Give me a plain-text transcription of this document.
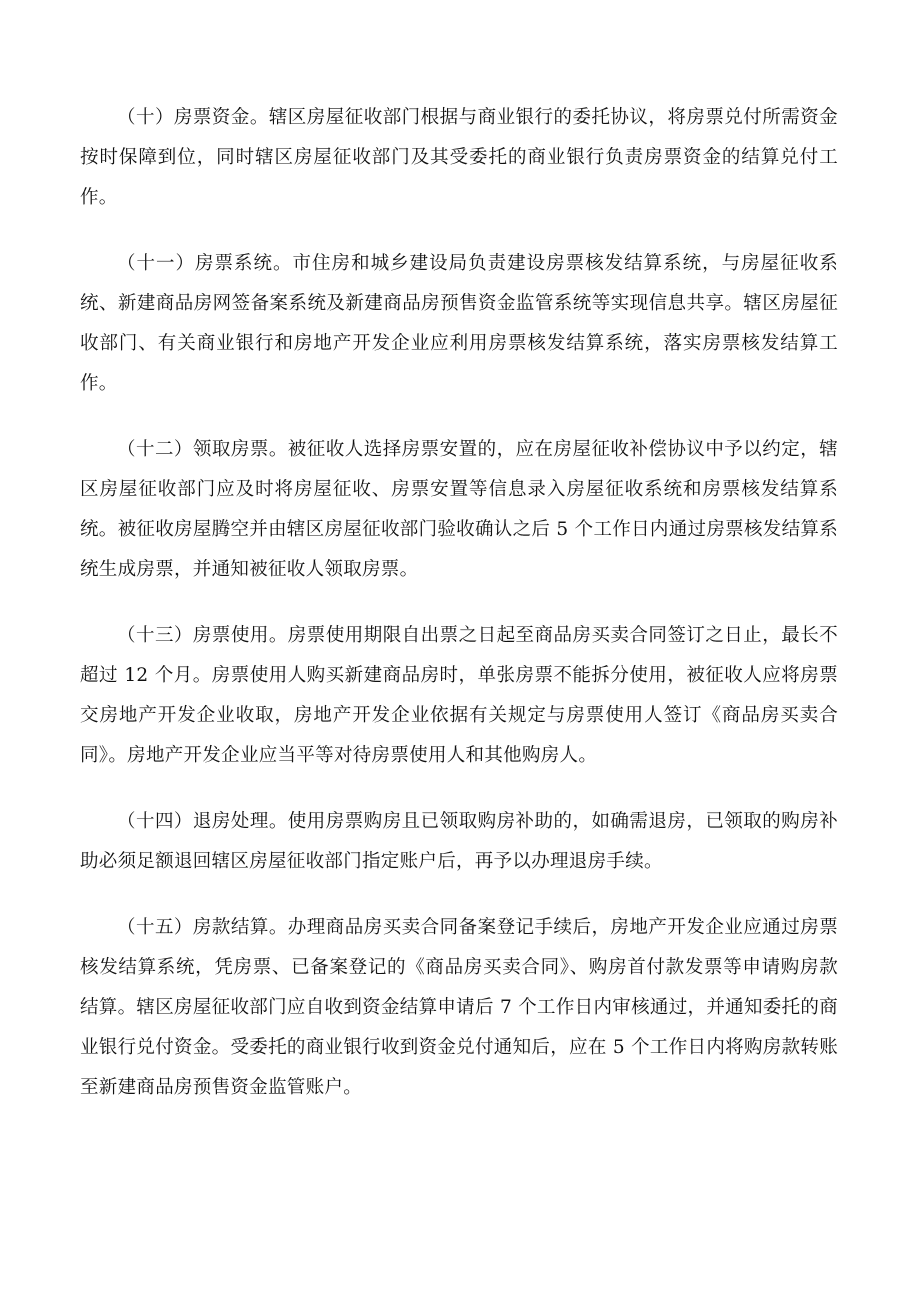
（十）房票资金。辖区房屋征收部门根据与商业银行的委托协议，将房票兑付所需资金按时保障到位，同时辖区房屋征收部门及其受委托的商业银行负责房票资金的结算兑付工作。

（十一）房票系统。市住房和城乡建设局负责建设房票核发结算系统，与房屋征收系统、新建商品房网签备案系统及新建商品房预售资金监管系统等实现信息共享。辖区房屋征收部门、有关商业银行和房地产开发企业应利用房票核发结算系统，落实房票核发结算工作。

（十二）领取房票。被征收人选择房票安置的，应在房屋征收补偿协议中予以约定，辖区房屋征收部门应及时将房屋征收、房票安置等信息录入房屋征收系统和房票核发结算系统。被征收房屋腾空并由辖区房屋征收部门验收确认之后 5 个工作日内通过房票核发结算系统生成房票，并通知被征收人领取房票。

（十三）房票使用。房票使用期限自出票之日起至商品房买卖合同签订之日止，最长不超过 12 个月。房票使用人购买新建商品房时，单张房票不能拆分使用，被征收人应将房票交房地产开发企业收取，房地产开发企业依据有关规定与房票使用人签订《商品房买卖合同》。房地产开发企业应当平等对待房票使用人和其他购房人。

（十四）退房处理。使用房票购房且已领取购房补助的，如确需退房，已领取的购房补助必须足额退回辖区房屋征收部门指定账户后，再予以办理退房手续。

（十五）房款结算。办理商品房买卖合同备案登记手续后，房地产开发企业应通过房票核发结算系统，凭房票、已备案登记的《商品房买卖合同》、购房首付款发票等申请购房款结算。辖区房屋征收部门应自收到资金结算申请后 7 个工作日内审核通过，并通知委托的商业银行兑付资金。受委托的商业银行收到资金兑付通知后，应在 5 个工作日内将购房款转账至新建商品房预售资金监管账户。
